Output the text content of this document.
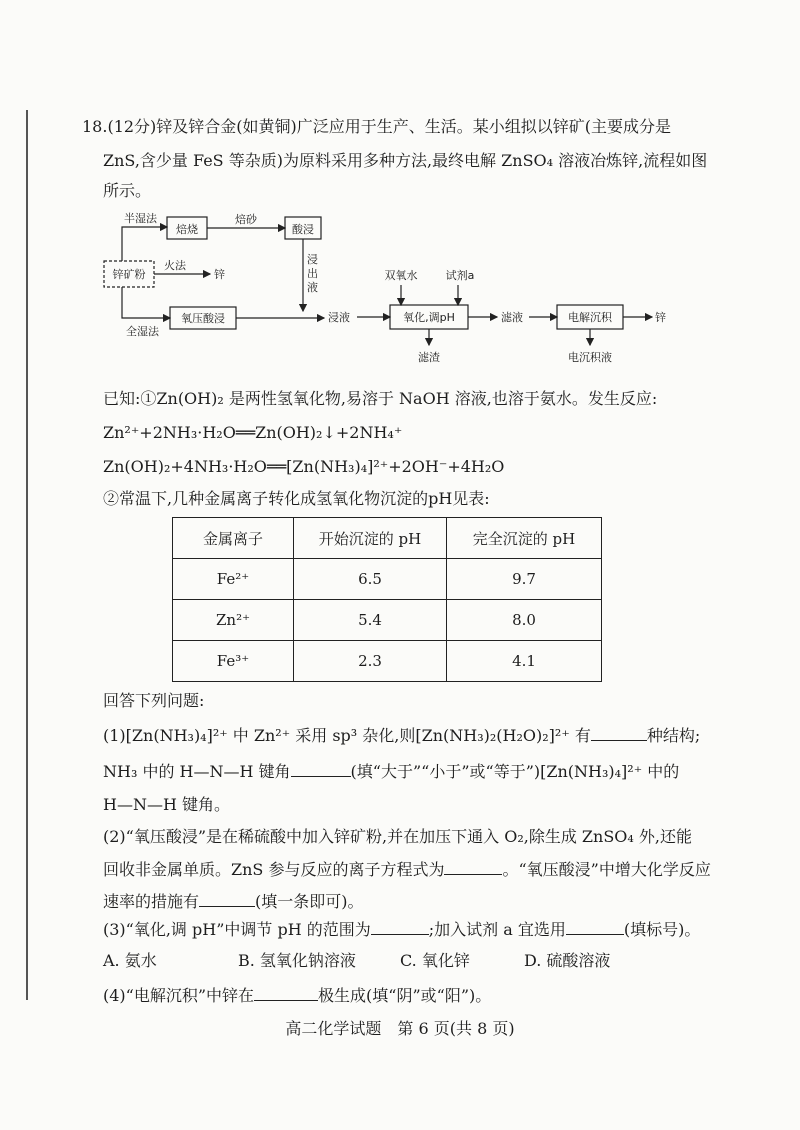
18.(12分)锌及锌合金(如黄铜)广泛应用于生产、生活。某小组拟以锌矿(主要成分是
ZnS,含少量 FeS 等杂质)为原料采用多种方法,最终电解 ZnSO₄ 溶液冶炼锌,流程如图
所示。
锌矿粉
半湿法
焙烧
焙砂
酸浸
浸
出
液
火法
锌
全湿法
氧压酸浸	浸液
双氧水	试剂a
氧化,调pH
滤渣
滤液	电解沉积	锌
电沉积液
已知:①Zn(OH)₂ 是两性氢氧化物,易溶于 NaOH 溶液,也溶于氨水。发生反应:
Zn²⁺+2NH₃·H₂O══Zn(OH)₂↓+2NH₄⁺
Zn(OH)₂+4NH₃·H₂O══[Zn(NH₃)₄]²⁺+2OH⁻+4H₂O
②常温下,几种金属离子转化成氢氧化物沉淀的pH见表:
金属离子	开始沉淀的 pH	完全沉淀的 pH
Fe²⁺	6.5	9.7
Zn²⁺	5.4	8.0
Fe³⁺	2.3	4.1
回答下列问题:
(1)[Zn(NH₃)₄]²⁺ 中 Zn²⁺ 采用 sp³ 杂化,则[Zn(NH₃)₂(H₂O)₂]²⁺ 有	种结构;
NH₃ 中的 H—N—H 键角	(填“大于”“小于”或“等于”)[Zn(NH₃)₄]²⁺ 中的
H—N—H 键角。
(2)“氧压酸浸”是在稀硫酸中加入锌矿粉,并在加压下通入 O₂,除生成 ZnSO₄ 外,还能
回收非金属单质。ZnS 参与反应的离子方程式为	。“氧压酸浸”中增大化学反应
速率的措施有	(填一条即可)。
(3)“氧化,调 pH”中调节 pH 的范围为	;加入试剂 a 宜选用	(填标号)。
A. 氨水	B. 氢氧化钠溶液	C. 氧化锌	D. 硫酸溶液
(4)“电解沉积”中锌在	极生成(填“阴”或“阳”)。
高二化学试题　第 6 页(共 8 页)
